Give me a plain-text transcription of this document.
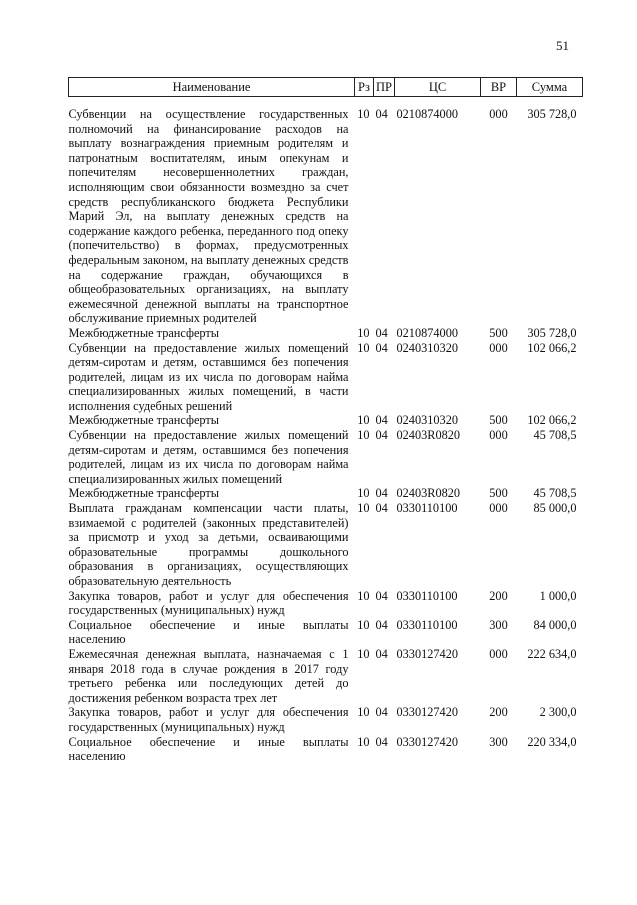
51
Наименование	Рз	ПР	ЦС	ВР	Сумма
Субвенции на осуществление государственных полномочий на финансирование расходов на выплату вознаграждения приемным родителям и патронатным воспитателям, иным опекунам и попечителям несовершеннолетних граждан, исполняющим свои обязанности возмездно за счет средств республиканского бюджета Республики Марий Эл, на выплату денежных средств на содержание каждого ребенка, переданного под опеку (попечительство) в формах, предусмотренных федеральным законом, на выплату денежных средств на содержание граждан, обучающихся в общеобразовательных организациях, на выплату ежемесячной денежной выплаты на транспортное обслуживание приемных родителей	10	04	0210874000	000	305 728,0
Межбюджетные трансферты	10	04	0210874000	500	305 728,0
Субвенции на предоставление жилых помещений детям-сиротам и детям, оставшимся без попечения родителей, лицам из их числа по договорам найма специализированных жилых помещений, в части исполнения судебных решений	10	04	0240310320	000	102 066,2
Межбюджетные трансферты	10	04	0240310320	500	102 066,2
Субвенции на предоставление жилых помещений детям-сиротам и детям, оставшимся без попечения родителей, лицам из их числа по договорам найма специализированных жилых помещений	10	04	02403R0820	000	45 708,5
Межбюджетные трансферты	10	04	02403R0820	500	45 708,5
Выплата гражданам компенсации части платы, взимаемой с родителей (законных представителей) за присмотр и уход за детьми, осваивающими образовательные программы дошкольного образования в организациях, осуществляющих образовательную деятельность	10	04	0330110100	000	85 000,0
Закупка товаров, работ и услуг для обеспечения государственных (муниципальных) нужд	10	04	0330110100	200	1 000,0
Социальное обеспечение и иные выплаты населению	10	04	0330110100	300	84 000,0
Ежемесячная денежная выплата, назначаемая с 1 января 2018 года в случае рождения в 2017 году третьего ребенка или последующих детей до достижения ребенком возраста трех лет	10	04	0330127420	000	222 634,0
Закупка товаров, работ и услуг для обеспечения государственных (муниципальных) нужд	10	04	0330127420	200	2 300,0
Социальное обеспечение и иные выплаты населению	10	04	0330127420	300	220 334,0
